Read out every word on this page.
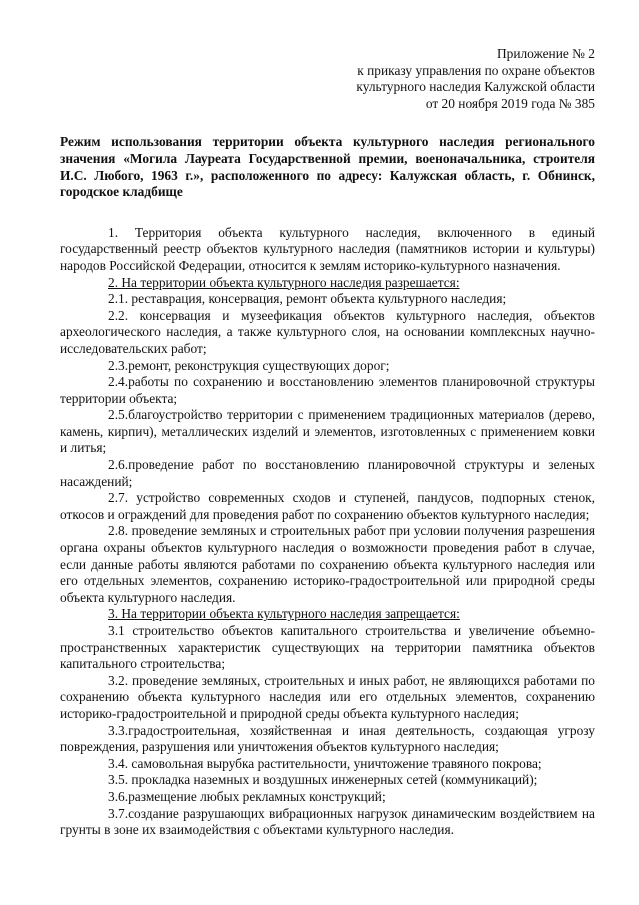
Приложение № 2
к приказу управления по охране объектов
культурного наследия Калужской области
от 20 ноября 2019 года № 385
Режим использования территории объекта культурного наследия регионального значения «Могила Лауреата Государственной премии, военоначальника, строителя И.С. Любого, 1963 г.», расположенного по адресу: Калужская область, г. Обнинск, городское кладбище

1. Территория объекта культурного наследия, включенного в единый государственный реестр объектов культурного наследия (памятников истории и культуры) народов Российской Федерации, относится к землям историко-культурного назначения.

2. На территории объекта культурного наследия разрешается:

2.1. реставрация, консервация, ремонт объекта культурного наследия;

2.2. консервация и музеефикация объектов культурного наследия, объектов археологического наследия, а также культурного слоя, на основании комплексных научно-исследовательских работ;

2.3.ремонт, реконструкция существующих дорог;

2.4.работы по сохранению и восстановлению элементов планировочной структуры территории объекта;

2.5.благоустройство территории с применением традиционных материалов (дерево, камень, кирпич), металлических изделий и элементов, изготовленных с применением ковки и литья;

2.6.проведение работ по восстановлению планировочной структуры и зеленых насаждений;

2.7. устройство современных сходов и ступеней, пандусов, подпорных стенок, откосов и ограждений для проведения работ по сохранению объектов культурного наследия;

2.8. проведение земляных и строительных работ при условии получения разрешения органа охраны объектов культурного наследия о возможности проведения работ в случае, если данные работы являются работами по сохранению объекта культурного наследия или его отдельных элементов, сохранению историко-градостроительной или природной среды объекта культурного наследия.

3. На территории объекта культурного наследия запрещается:

3.1 строительство объектов капитального строительства и увеличение объемно-пространственных характеристик существующих на территории памятника объектов капитального строительства;

3.2. проведение земляных, строительных и иных работ, не являющихся работами по сохранению объекта культурного наследия или его отдельных элементов, сохранению историко-градостроительной и природной среды объекта культурного наследия;

3.3.градостроительная, хозяйственная и иная деятельность, создающая угрозу повреждения, разрушения или уничтожения объектов культурного наследия;

3.4. самовольная вырубка растительности, уничтожение травяного покрова;

3.5. прокладка наземных и воздушных инженерных сетей (коммуникаций);

3.6.размещение любых рекламных конструкций;

3.7.создание разрушающих вибрационных нагрузок динамическим воздействием на грунты в зоне их взаимодействия с объектами культурного наследия.
